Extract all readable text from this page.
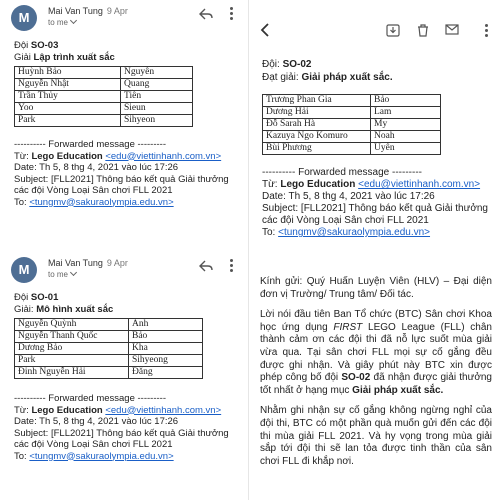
M	Mai Van Tung 9 Apr
to me
Đội SO-03
Giải Lập trình xuất sắc
Huỳnh Bảo	Nguyên
Nguyễn Nhật	Quang
Trần Thủy	Tiên
Yoo	Sieun
Park	Sihyeon
---------- Forwarded message ---------
Từ: Lego Education <edu@viettinhanh.com.vn>
Date: Th 5, 8 thg 4, 2021 vào lúc 17:26
Subject: [FLL2021] Thông báo kết quả Giải thưởng các đội Vòng Loại Sân chơi FLL 2021
To: <tungmv@sakuraolympia.edu.vn>
M	Mai Van Tung 9 Apr
to me
Đội SO-01
Giải: Mô hình xuất sắc
Nguyễn Quỳnh	Anh
Nguyễn Thanh Quốc	Bảo
Dương Bảo	Kha
Park	Sihyeong
Đinh Nguyễn Hải	Đăng
---------- Forwarded message ---------
Từ: Lego Education <edu@viettinhanh.com.vn>
Date: Th 5, 8 thg 4, 2021 vào lúc 17:26
Subject: [FLL2021] Thông báo kết quả Giải thưởng các đội Vòng Loại Sân chơi FLL 2021
To: <tungmv@sakuraolympia.edu.vn>
Đội: SO-02
Đạt giải: Giải pháp xuất sắc.
Trương Phan Gia	Bảo
Dương Hải	Lam
Đỗ Sarah Hà	My
Kazuya Ngo Komuro	Noah
Bùi Phương	Uyên
---------- Forwarded message ---------
Từ: Lego Education <edu@viettinhanh.com.vn>
Date: Th 5, 8 thg 4, 2021 vào lúc 17:26
Subject: [FLL2021] Thông báo kết quả Giải thưởng các đội Vòng Loại Sân chơi FLL 2021
To: <tungmv@sakuraolympia.edu.vn>

Kính gửi: Quý Huấn Luyện Viên (HLV) – Đại diện đơn vị Trường/ Trung tâm/ Đối tác.

Lời nói đầu tiên Ban Tổ chức (BTC) Sân chơi Khoa học ứng dụng FIRST LEGO League (FLL) chân thành cảm ơn các đội thi đã nỗ lực suốt mùa giải vừa qua. Tại sân chơi FLL mọi sự cố gắng đều được ghi nhận. Và giây phút này BTC xin được phép công bố đội SO-02 đã nhận được giải thưởng tốt nhất ở hạng mục Giải pháp xuất sắc.

Nhằm ghi nhận sự cố gắng không ngừng nghỉ của đội thi, BTC có một phần quà muốn gửi đến các đội thi mùa giải FLL 2021. Và hy vọng trong mùa giải sắp tới đội thi sẽ lan tỏa được tinh thần của sân chơi FLL đi khắp nơi.
